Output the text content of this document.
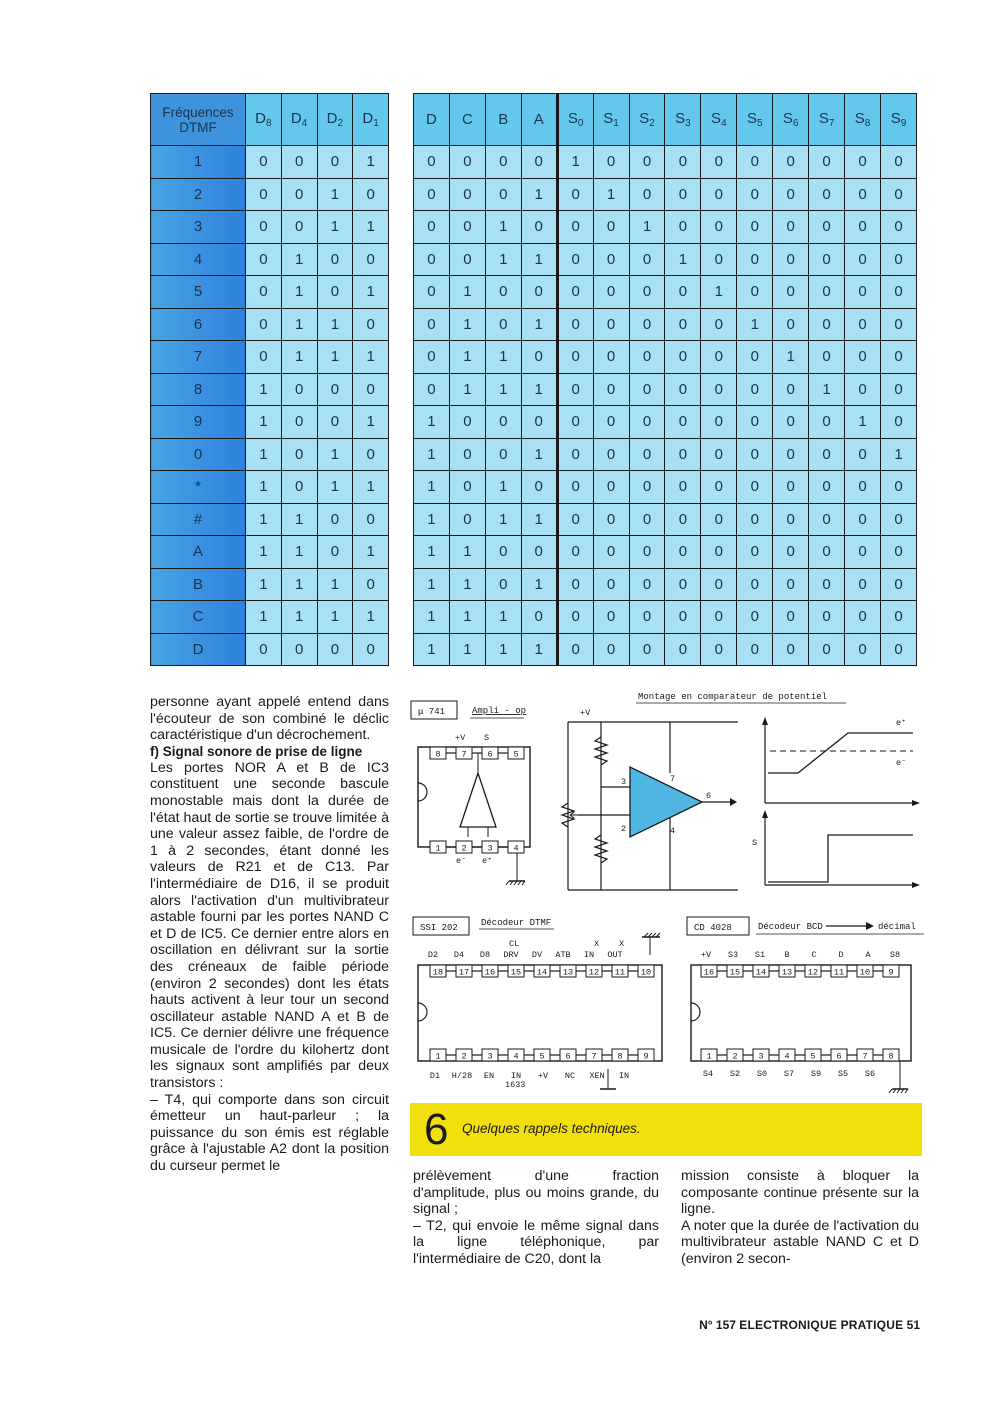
Fréquences DTMF	$D_8$	$D_4$	$D_2$	$D_1$
1	0	0	0	1
2	0	0	1	0
3	0	0	1	1
4	0	1	0	0
5	0	1	0	1
6	0	1	1	0
7	0	1	1	1
8	1	0	0	0
9	1	0	0	1
0	1	0	1	0
*	1	0	1	1
#	1	1	0	0
A	1	1	0	1
B	1	1	1	0
C	1	1	1	1
D	0	0	0	0
D	C	B	A	$S_0$	$S_1$	$S_2$	$S_3$	$S_4$	$S_5$	$S_6$	$S_7$	$S_8$	$S_9$
0	0	0	0	1	0	0	0	0	0	0	0	0	0
0	0	0	1	0	1	0	0	0	0	0	0	0	0
0	0	1	0	0	0	1	0	0	0	0	0	0	0
0	0	1	1	0	0	0	1	0	0	0	0	0	0
0	1	0	0	0	0	0	0	1	0	0	0	0	0
0	1	0	1	0	0	0	0	0	1	0	0	0	0
0	1	1	0	0	0	0	0	0	0	1	0	0	0
0	1	1	1	0	0	0	0	0	0	0	1	0	0
1	0	0	0	0	0	0	0	0	0	0	0	1	0
1	0	0	1	0	0	0	0	0	0	0	0	0	1
1	0	1	0	0	0	0	0	0	0	0	0	0	0
1	0	1	1	0	0	0	0	0	0	0	0	0	0
1	1	0	0	0	0	0	0	0	0	0	0	0	0
1	1	0	1	0	0	0	0	0	0	0	0	0	0
1	1	1	0	0	0	0	0	0	0	0	0	0	0
1	1	1	1	0	0	0	0	0	0	0	0	0	0

personne ayant appelé entend dans l'écouteur de son combiné le déclic caractéristique d'un décrochement.

f) Signal sonore de prise de ligne

Les portes NOR A et B de IC3 constituent une seconde bascule monostable mais dont la durée de l'état haut de sortie se trouve limitée à une valeur assez faible, de l'ordre de 1 à 2 secondes, étant donné les valeurs de R21 et de C13. Par l'intermédiaire de D16, il se produit alors l'activation d'un multivibrateur astable fourni par les portes NAND C et D de IC5. Ce dernier entre alors en oscillation en délivrant sur la sortie des créneaux de faible période (environ 2 secondes) dont les états hauts activent à leur tour un second oscillateur astable NAND A et B de IC5. Ce dernier délivre une fréquence musicale de l'ordre du kilohertz dont les signaux sont amplifiés par deux transistors :

– T4, qui comporte dans son circuit émetteur un haut-parleur ; la puissance du son émis est réglable grâce à l'ajustable A2 dont la position du curseur permet le

μ 741	Ampli - op
+V S
8 7 6 5
1 2 3 4
e⁻ e⁺
Montage en comparateur de potentiel
+V
3
2
7
4
6
e⁺
e⁻
S
SSI 202	Décodeur DTMF
CL	X X
D2 D4 D8 DRV DV ATB IN OUT
18 17 16 15 14 13 12 11 10
1 2 3 4 5 6 7 8 9
D1 H/28 EN IN +V NC XEN IN
1633
CD 4028	Décodeur BCD	décimal
+V S3 S1 B	C	D	A S8
16 15 14 13 12 11 10 9
1 2 3 4 5 6 7 8
S4 S2 S0 S7 S9 S5 S6
6 Quelques rappels techniques.

prélèvement d'une fraction d'amplitude, plus ou moins grande, du signal ;

– T2, qui envoie le même signal dans la ligne téléphonique, par l'intermédiaire de C20, dont la

mission consiste à bloquer la composante continue présente sur la ligne.

A noter que la durée de l'activation du multivibrateur astable NAND C et D (environ 2 secon-

N° 157 ELECTRONIQUE PRATIQUE 51
